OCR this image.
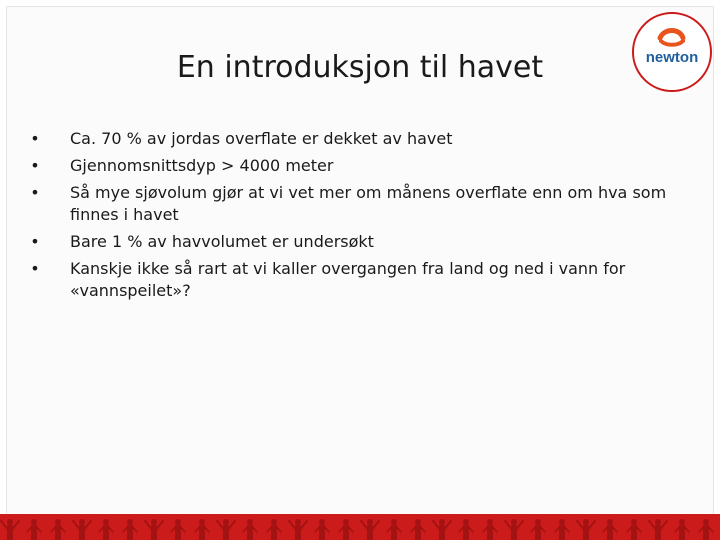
En introduksjon til havet	newton
• Ca. 70 % av jordas overflate er dekket av havet
• Gjennomsnittsdyp > 4000 meter
• Så mye sjøvolum gjør at vi vet mer om månens overflate enn om hva som finnes i havet
• Bare 1 % av havvolumet er undersøkt
• Kanskje ikke så rart at vi kaller overgangen fra land og ned i vann for «vannspeilet»?
